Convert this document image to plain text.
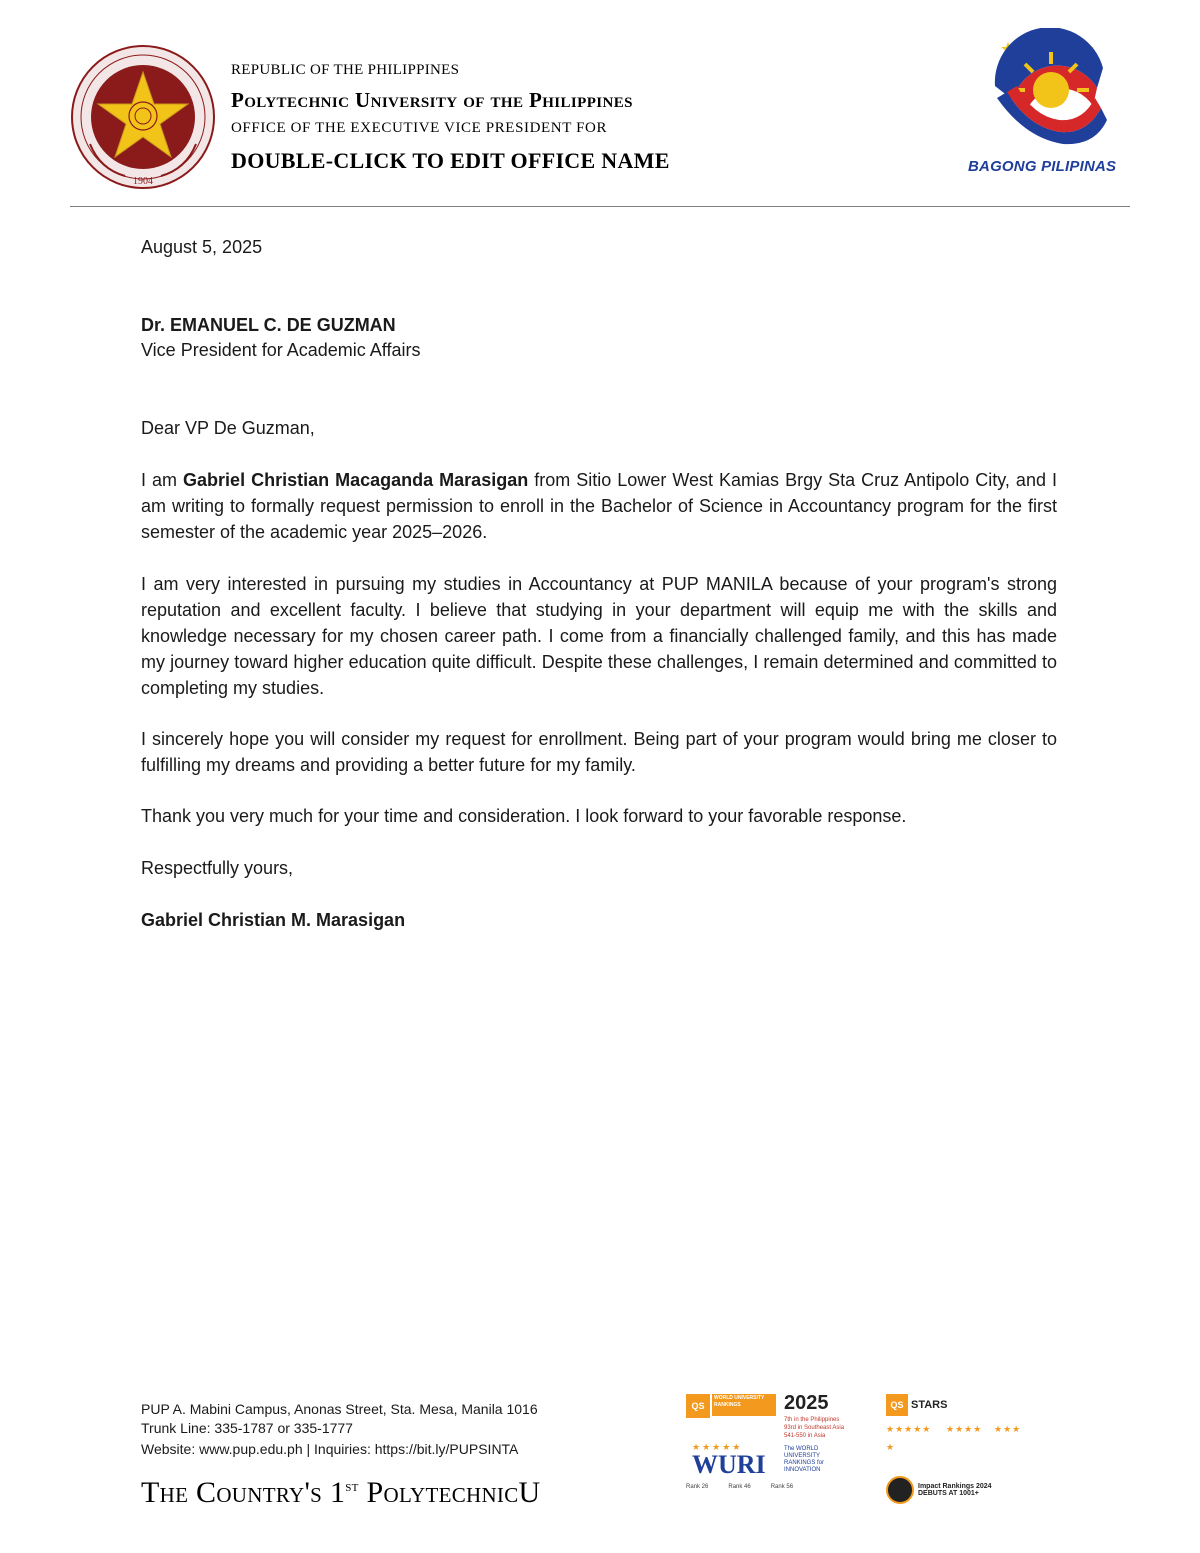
1904
REPUBLIC OF THE PHILIPPINES
Polytechnic University of the Philippines
OFFICE OF THE EXECUTIVE VICE PRESIDENT FOR
DOUBLE-CLICK TO EDIT OFFICE NAME	BAGONG PILIPINAS
August 5, 2025
Dr. EMANUEL C. DE GUZMAN
Vice President for Academic Affairs
Dear VP De Guzman,

I am Gabriel Christian Macaganda Marasigan from Sitio Lower West Kamias Brgy Sta Cruz Antipolo City, and I am writing to formally request permission to enroll in the Bachelor of Science in Accountancy program for the first semester of the academic year 2025–2026.

I am very interested in pursuing my studies in Accountancy at PUP MANILA because of your program's strong reputation and excellent faculty. I believe that studying in your department will equip me with the skills and knowledge necessary for my chosen career path. I come from a financially challenged family, and this has made my journey toward higher education quite difficult. Despite these challenges, I remain determined and committed to completing my studies.

I sincerely hope you will consider my request for enrollment. Being part of your program would bring me closer to fulfilling my dreams and providing a better future for my family.

Thank you very much for your time and consideration. I look forward to your favorable response.

Respectfully yours,
Gabriel Christian M. Marasigan
PUP A. Mabini Campus, Anonas Street, Sta. Mesa, Manila 1016
Trunk Line: 335-1787 or 335-1777
Website: www.pup.edu.ph | Inquiries: https://bit.ly/PUPSINTA
The Country's 1st PolytechnicU
QS
WORLD UNIVERSITY RANKINGS	2025
7th in the Philippines
93rd in Southeast Asia
541-550 in Asia
QS STARS
★★★★★ ★★★★ ★★★
★
★★★★★
WURI
The WORLD UNIVERSITY RANKINGS for INNOVATION
Rank 26	Rank 46	Rank 56	Impact Rankings 2024
DEBUTS AT 1001+
